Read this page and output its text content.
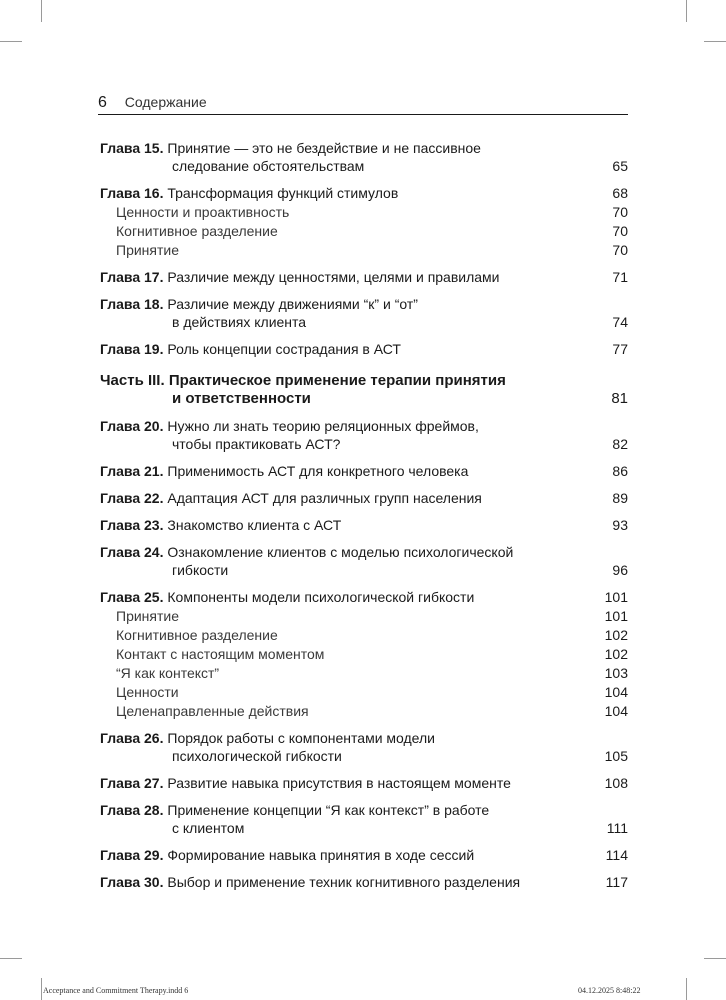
6 Содержание
Глава 15. Принятие — это не бездействие и не пассивное
следование обстоятельствам	65
Глава 16. Трансформация функций стимулов	68
Ценности и проактивность	70
Когнитивное разделение	70
Принятие	70
Глава 17. Различие между ценностями, целями и правилами	71
Глава 18. Различие между движениями “к” и “от”
в действиях клиента	74
Глава 19. Роль концепции сострадания в АСТ	77
Часть III. Практическое применение терапии принятия
и ответственности	81
Глава 20. Нужно ли знать теорию реляционных фреймов,
чтобы практиковать АСТ?	82
Глава 21. Применимость АСТ для конкретного человека	86
Глава 22. Адаптация АСТ для различных групп населения	89
Глава 23. Знакомство клиента с АСТ	93
Глава 24. Ознакомление клиентов с моделью психологической
гибкости	96
Глава 25. Компоненты модели психологической гибкости	101
Принятие	101
Когнитивное разделение	102
Контакт с настоящим моментом	102
“Я как контекст”	103
Ценности	104
Целенаправленные действия	104
Глава 26. Порядок работы с компонентами модели
психологической гибкости	105
Глава 27. Развитие навыка присутствия в настоящем моменте	108
Глава 28. Применение концепции “Я как контекст” в работе
с клиентом	111
Глава 29. Формирование навыка принятия в ходе сессий	114
Глава 30. Выбор и применение техник когнитивного разделения	117
Acceptance and Commitment Therapy.indd 6	04.12.2025 8:48:22
